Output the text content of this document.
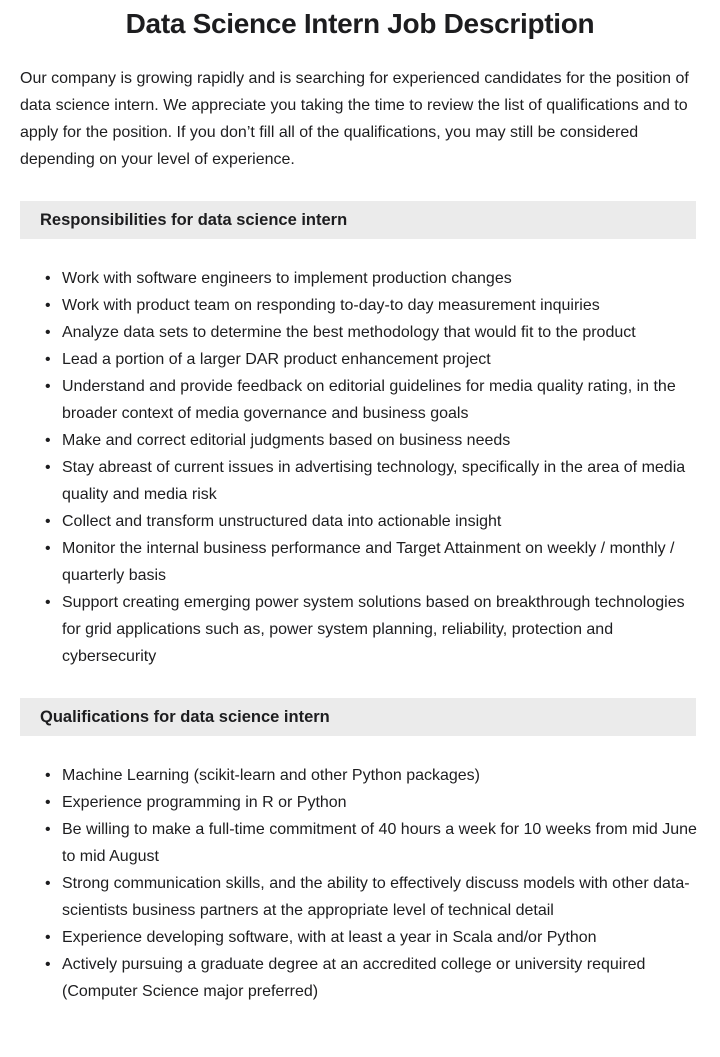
Data Science Intern Job Description

Our company is growing rapidly and is searching for experienced candidates for the position of data science intern. We appreciate you taking the time to review the list of qualifications and to apply for the position. If you don’t fill all of the qualifications, you may still be considered depending on your level of experience.

Responsibilities for data science intern
• Work with software engineers to implement production changes
• Work with product team on responding to-day-to day measurement inquiries
• Analyze data sets to determine the best methodology that would fit to the product
• Lead a portion of a larger DAR product enhancement project
• Understand and provide feedback on editorial guidelines for media quality rating, in the broader context of media governance and business goals
• Make and correct editorial judgments based on business needs
• Stay abreast of current issues in advertising technology, specifically in the area of media quality and media risk
• Collect and transform unstructured data into actionable insight
• Monitor the internal business performance and Target Attainment on weekly / monthly / quarterly basis
• Support creating emerging power system solutions based on breakthrough technologies for grid applications such as, power system planning, reliability, protection and cybersecurity
Qualifications for data science intern
• Machine Learning (scikit-learn and other Python packages)
• Experience programming in R or Python
• Be willing to make a full-time commitment of 40 hours a week for 10 weeks from mid June to mid August
• Strong communication skills, and the ability to effectively discuss models with other data-scientists business partners at the appropriate level of technical detail
• Experience developing software, with at least a year in Scala and/or Python
• Actively pursuing a graduate degree at an accredited college or university required (Computer Science major preferred)
